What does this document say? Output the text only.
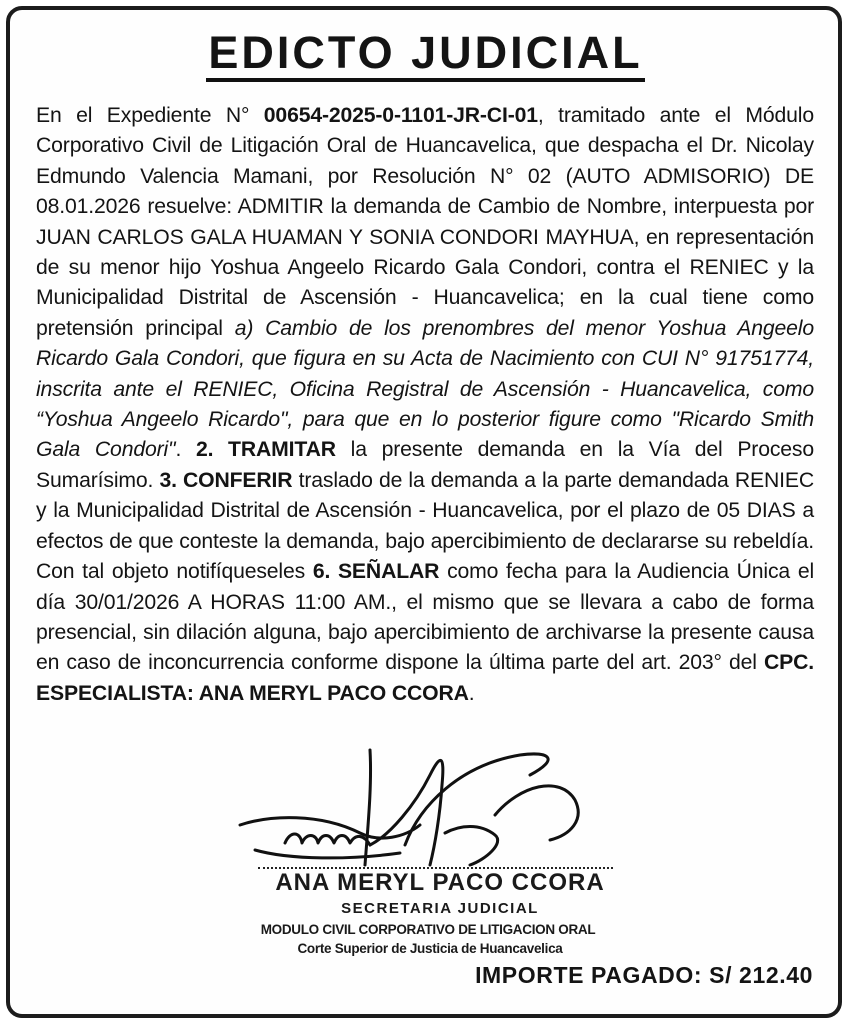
EDICTO JUDICIAL
En el Expediente N° 00654-2025-0-1101-JR-CI-01, tramitado ante el Módulo Corporativo Civil de Litigación Oral de Huancavelica, que despacha el Dr. Nicolay Edmundo Valencia Mamani, por Resolución N° 02 (AUTO ADMISORIO) DE 08.01.2026 resuelve: ADMITIR la demanda de Cambio de Nombre, interpuesta por JUAN CARLOS GALA HUAMAN Y SONIA CONDORI MAYHUA, en representación de su menor hijo Yoshua Angeelo Ricardo Gala Condori, contra el RENIEC y la Municipalidad Distrital de Ascensión - Huancavelica; en la cual tiene como pretensión principal a) Cambio de los prenombres del menor Yoshua Angeelo Ricardo Gala Condori, que figura en su Acta de Nacimiento con CUI N° 91751774, inscrita ante el RENIEC, Oficina Registral de Ascensión - Huancavelica, como “Yoshua Angeelo Ricardo", para que en lo posterior figure como "Ricardo Smith Gala Condori". 2. TRAMITAR la presente demanda en la Vía del Proceso Sumarísimo. 3. CONFERIR traslado de la demanda a la parte demandada RENIEC y la Municipalidad Distrital de Ascensión - Huancavelica, por el plazo de 05 DIAS a efectos de que conteste la demanda, bajo apercibimiento de declararse su rebeldía. Con tal objeto notifíqueseles 6. SEÑALAR como fecha para la Audiencia Única el día 30/01/2026 A HORAS 11:00 AM., el mismo que se llevara a cabo de forma presencial, sin dilación alguna, bajo apercibimiento de archivarse la presente causa en caso de inconcurrencia conforme dispone la última parte del art. 203° del CPC. ESPECIALISTA: ANA MERYL PACO CCORA.
ANA MERYL PACO CCORA
SECRETARIA JUDICIAL
MODULO CIVIL CORPORATIVO DE LITIGACION ORAL
Corte Superior de Justicia de Huancavelica
IMPORTE PAGADO: S/ 212.40
